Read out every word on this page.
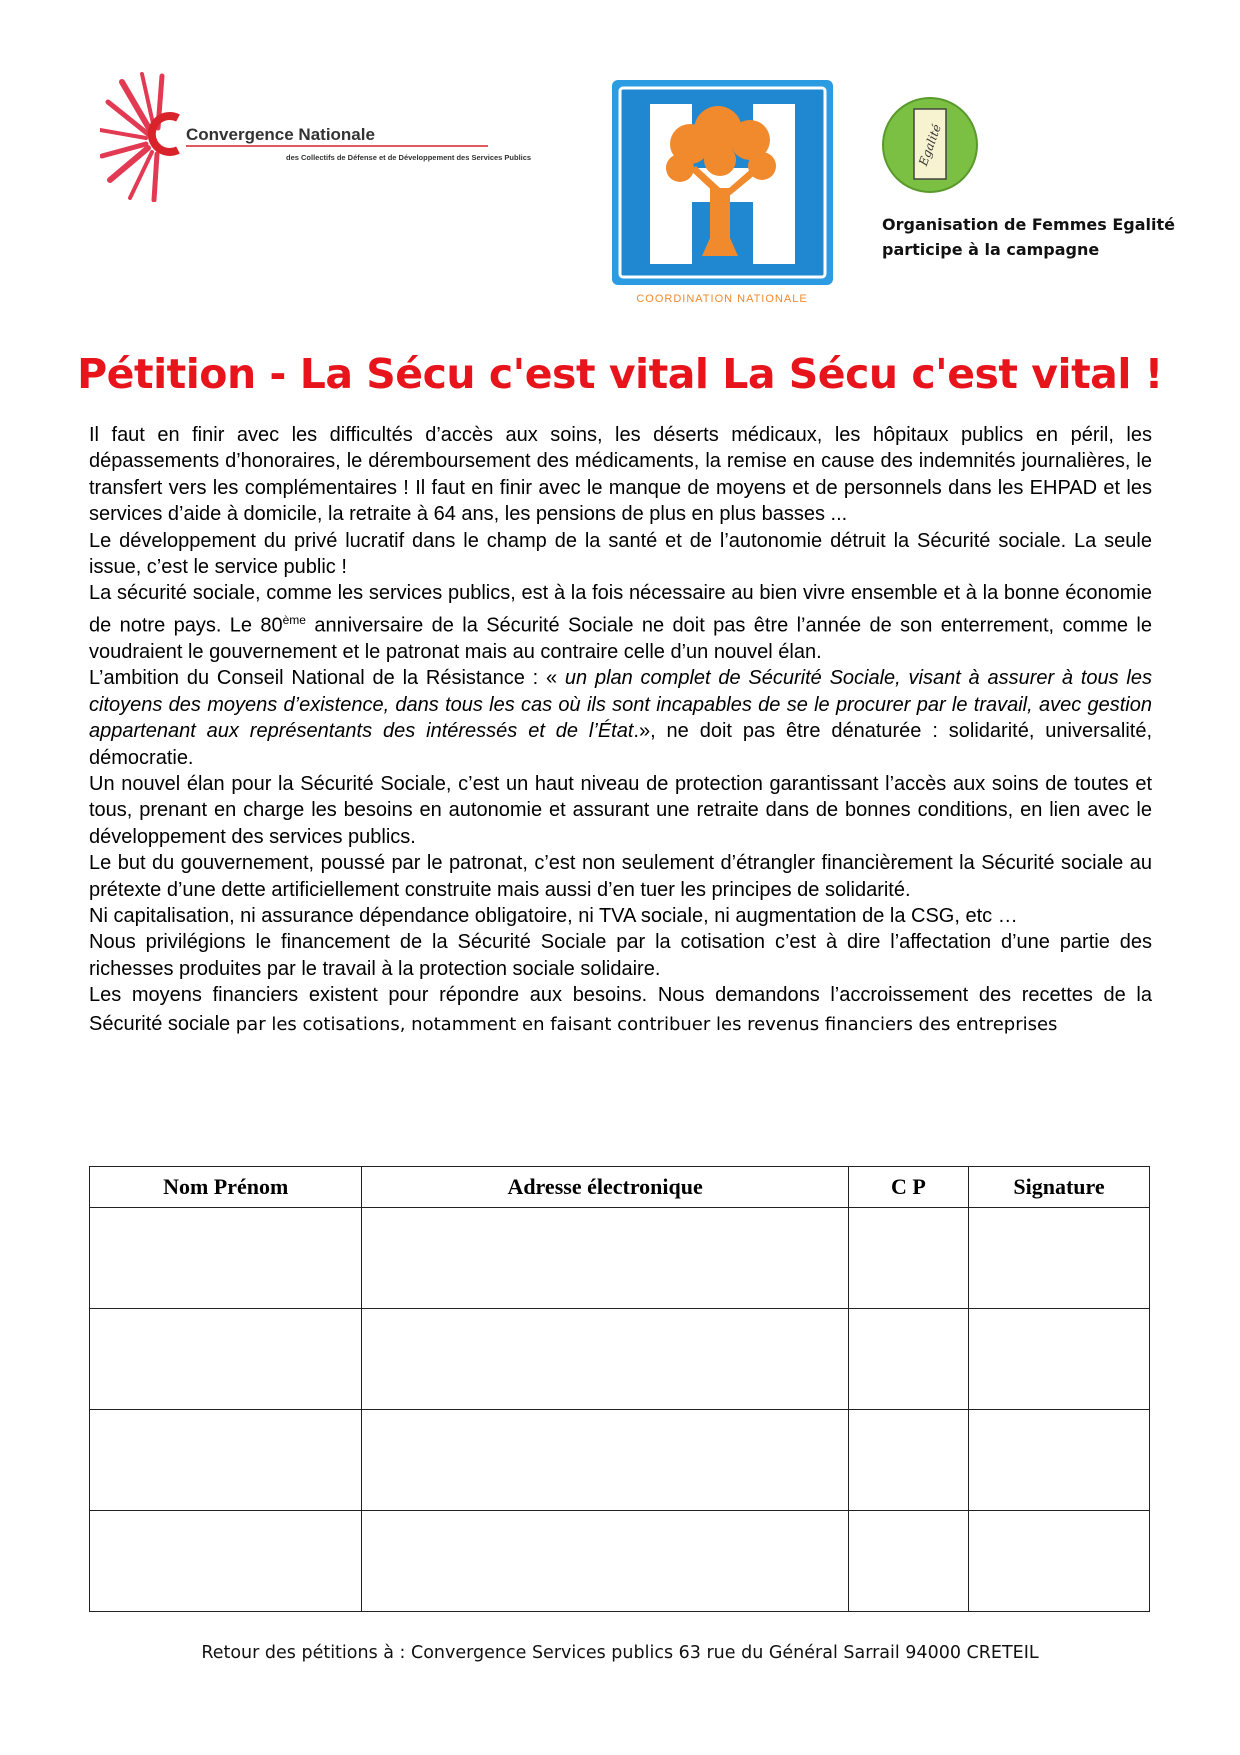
Convergence Nationale
des Collectifs de Défense et de Développement des Services Publics
COORDINATION NATIONALE
Egalité
Organisation de Femmes Egalité
participe à la campagne
Pétition - La Sécu c'est vital La Sécu c'est vital !

Il faut en finir avec les difficultés d’accès aux soins, les déserts médicaux, les hôpitaux publics en péril, les dépassements d’honoraires, le déremboursement des médicaments, la remise en cause des indemnités journalières, le transfert vers les complémentaires ! Il faut en finir avec le manque de moyens et de personnels dans les EHPAD et les services d’aide à domicile, la retraite à 64 ans, les pensions de plus en plus basses ...

Le développement du privé lucratif dans le champ de la santé et de l’autonomie détruit la Sécurité sociale. La seule issue, c’est le service public !

La sécurité sociale, comme les services publics, est à la fois nécessaire au bien vivre ensemble et à la bonne économie de notre pays. Le 80ème anniversaire de la Sécurité Sociale ne doit pas être l’année de son enterrement, comme le voudraient le gouvernement et le patronat mais au contraire celle d’un nouvel élan.

L’ambition du Conseil National de la Résistance : « un plan complet de Sécurité Sociale, visant à assurer à tous les citoyens des moyens d’existence, dans tous les cas où ils sont incapables de se le procurer par le travail, avec gestion appartenant aux représentants des intéressés et de l’État.», ne doit pas être dénaturée : solidarité, universalité, démocratie.

Un nouvel élan pour la Sécurité Sociale, c’est un haut niveau de protection garantissant l’accès aux soins de toutes et tous, prenant en charge les besoins en autonomie et assurant une retraite dans de bonnes conditions, en lien avec le développement des services publics.

Le but du gouvernement, poussé par le patronat, c’est non seulement d’étrangler financièrement la Sécurité sociale au prétexte d’une dette artificiellement construite mais aussi d’en tuer les principes de solidarité.

Ni capitalisation, ni assurance dépendance obligatoire, ni TVA sociale, ni augmentation de la CSG, etc …

Nous privilégions le financement de la Sécurité Sociale par la cotisation c’est à dire l’affectation d’une partie des richesses produites par le travail à la protection sociale solidaire.

Les moyens financiers existent pour répondre aux besoins. Nous demandons l’accroissement des recettes de la Sécurité sociale par les cotisations, notamment en faisant contribuer les revenus financiers des entreprises

Nom Prénom	Adresse électronique	C P	Signature

Retour des pétitions à : Convergence Services publics 63 rue du Général Sarrail 94000 CRETEIL
